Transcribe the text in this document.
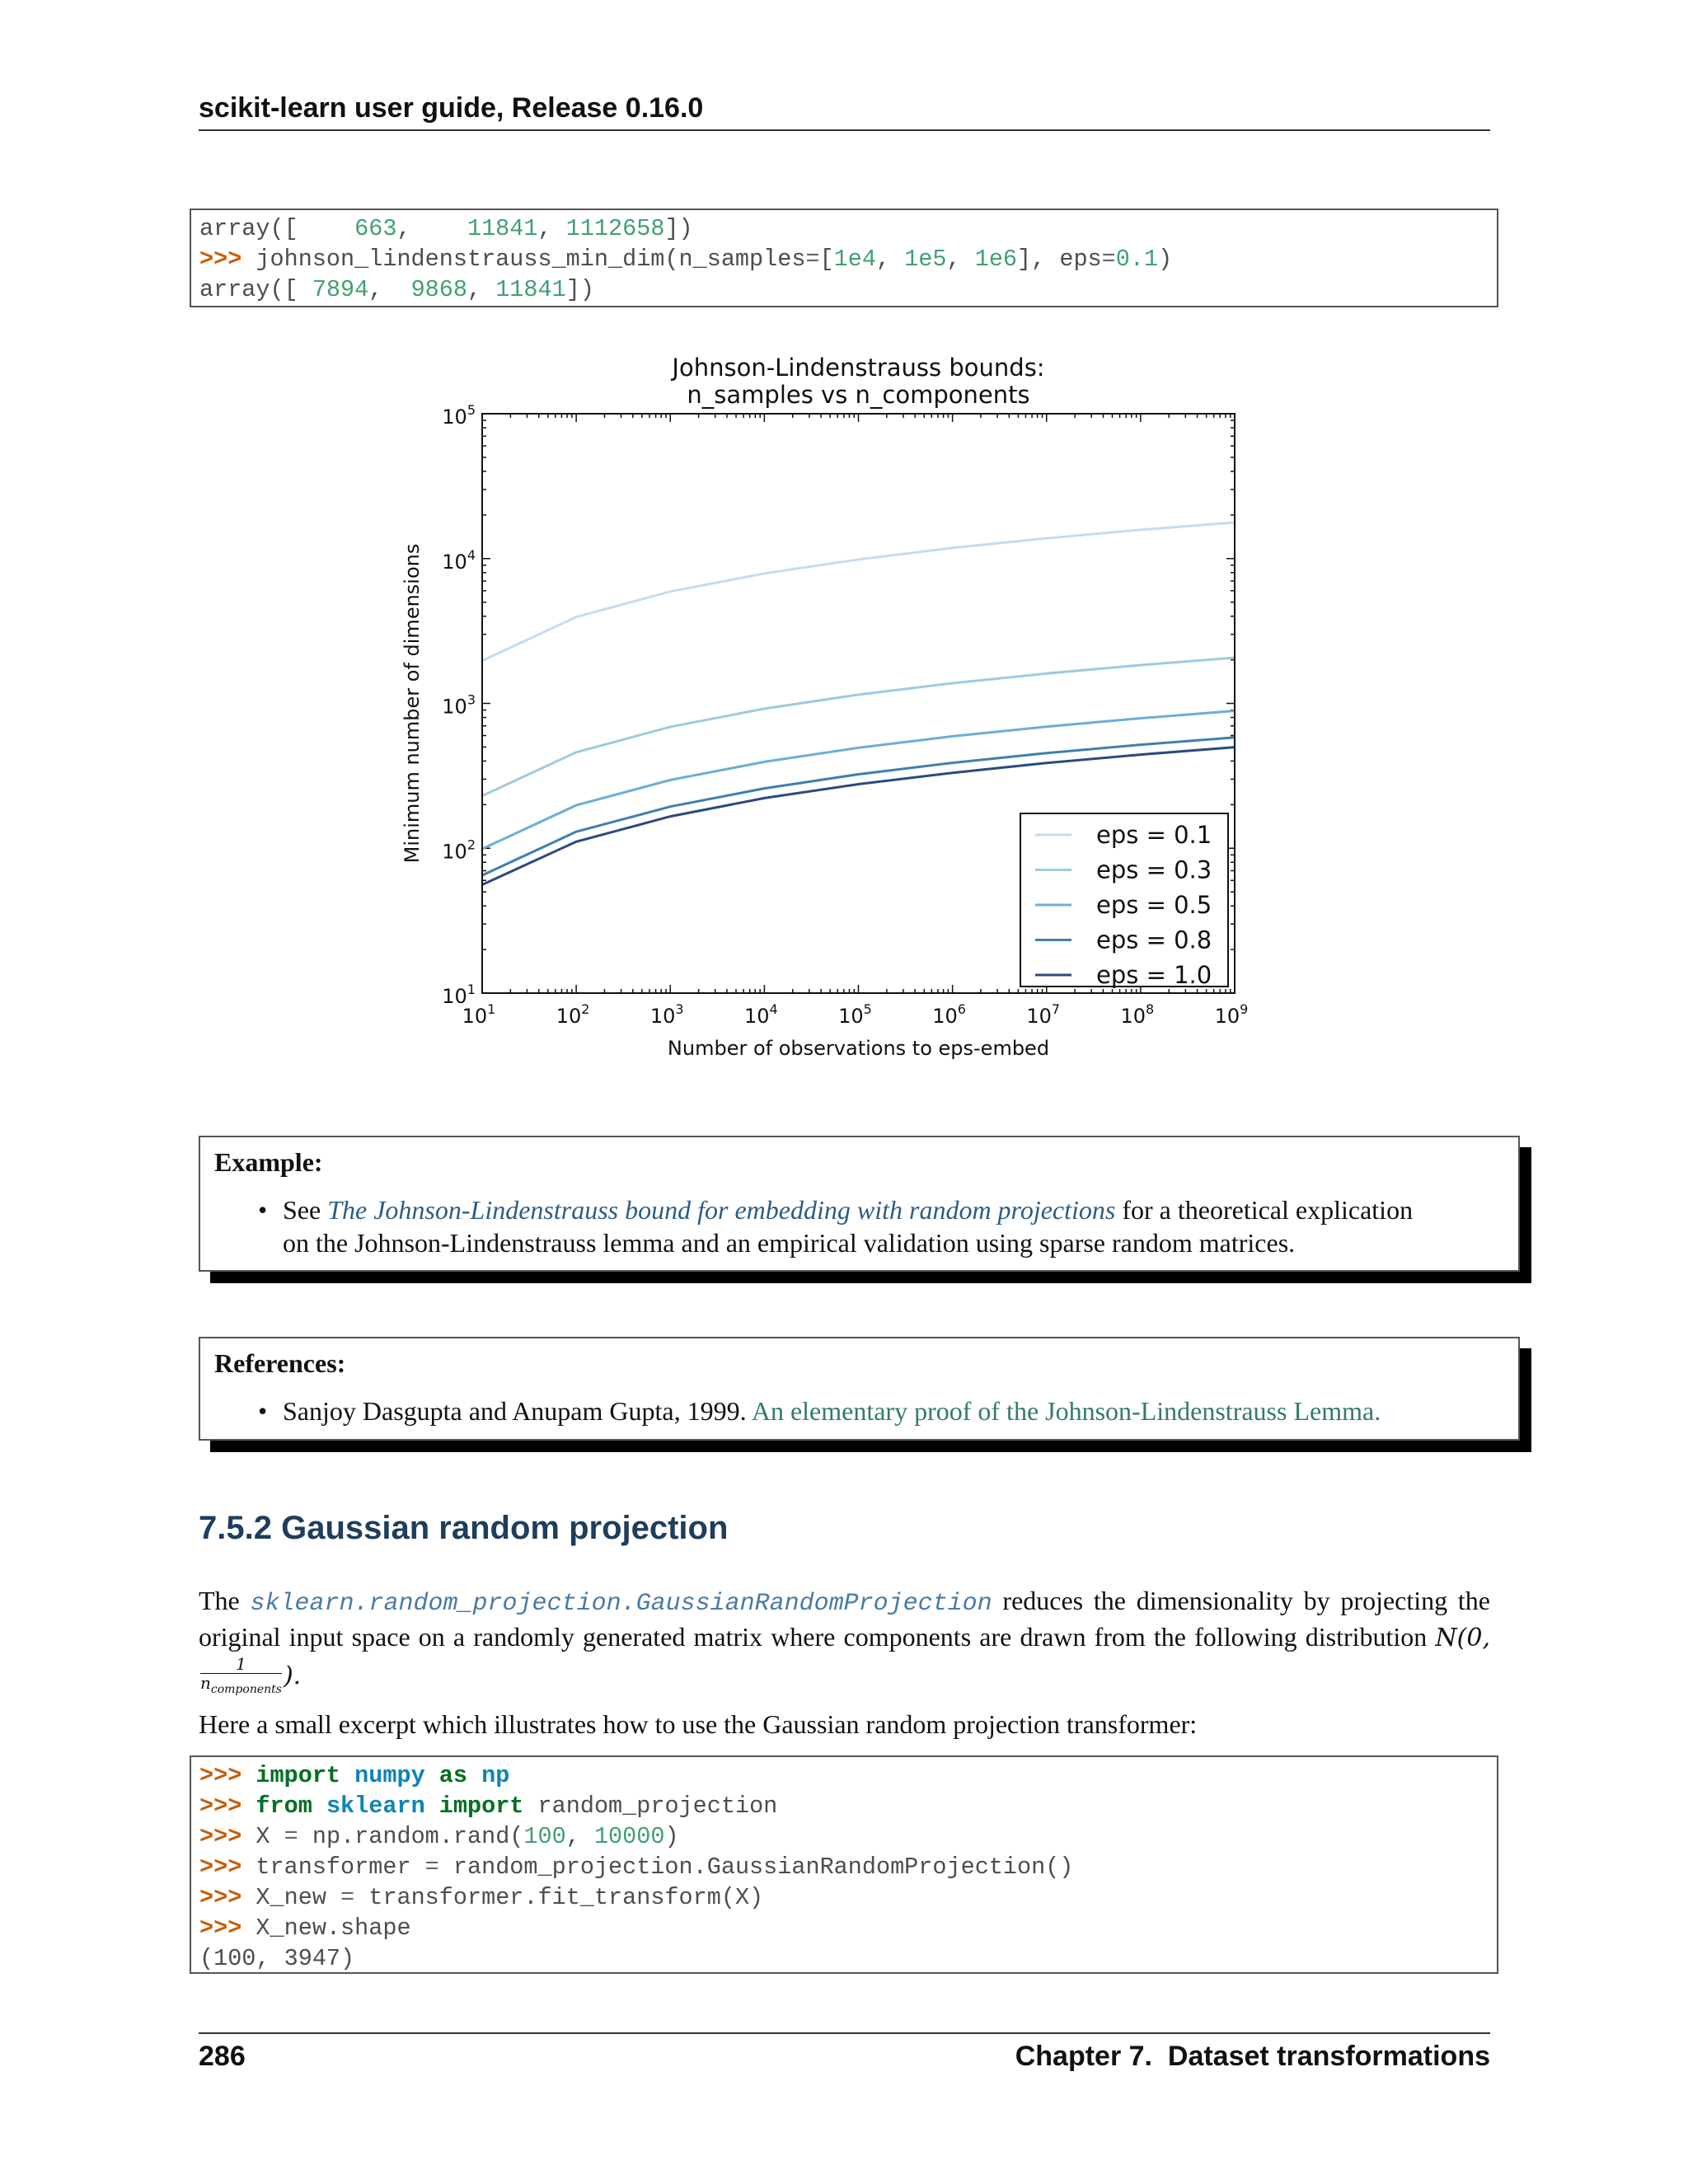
scikit-learn user guide, Release 0.16.0
array([    663,    11841, 1112658])
>>> johnson_lindenstrauss_min_dim(n_samples=[1e4, 1e5, 1e6], eps=0.1)
array([ 7894,  9868, 11841])
Johnson-Lindenstrauss bounds:
n_samples vs n_components
$10^1$	$10^2$	$10^3$	$10^4$	$10^5$	$10^6$	$10^7$	$10^8$	$10^9$
$10^1$
$10^2$
$10^3$
$10^4$
$10^5$
Number of observations to eps-embed
Minimum number of dimensions	eps = 0.1
eps = 0.3
eps = 0.5
eps = 0.8
eps = 1.0
Example:
• See The Johnson-Lindenstrauss bound for embedding with random projections for a theoretical explication
on the Johnson-Lindenstrauss lemma and an empirical validation using sparse random matrices.
References:
• Sanjoy Dasgupta and Anupam Gupta, 1999. An elementary proof of the Johnson-Lindenstrauss Lemma.
7.5.2 Gaussian random projection
The sklearn.random_projection.GaussianRandomProjection reduces the dimensionality by projecting the original input space on a randomly generated matrix where components are drawn from the following distribution N(0,
1
$n_{components}$ ).
Here a small excerpt which illustrates how to use the Gaussian random projection transformer:
>>> import numpy as np
>>> from sklearn import random_projection
>>> X = np.random.rand(100, 10000)
>>> transformer = random_projection.GaussianRandomProjection()
>>> X_new = transformer.fit_transform(X)
>>> X_new.shape
(100, 3947)
286	Chapter 7.  Dataset transformations
